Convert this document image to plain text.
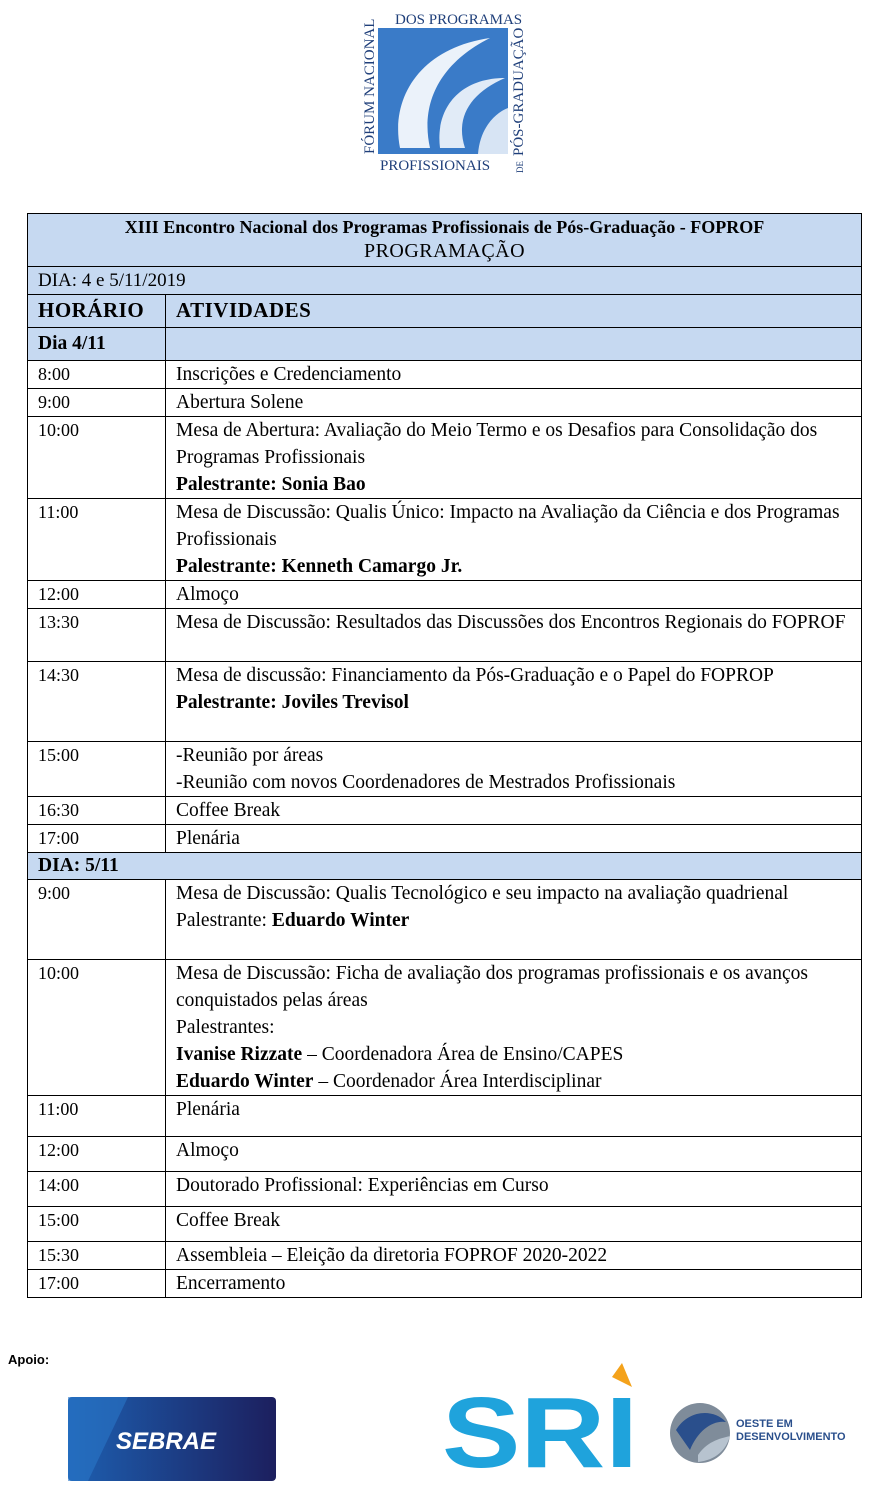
DOS PROGRAMAS
FÓRUM NACIONAL
DE
PÓS-GRADUAÇÃO
PROFISSIONAIS
XIII Encontro Nacional dos Programas Profissionais de Pós-Graduação - FOPROF
PROGRAMAÇÃO	

DIA: 4 e 5/11/2019	
HORÁRIO	ATIVIDADES
Dia 4/11	
8:00	Inscrições e Credenciamento

9:00	Abertura Solene

10:00	Mesa de Abertura: Avaliação do Meio Termo e os Desafios para Consolidação dos Programas Profissionais
Palestrante: Sonia Bao

11:00	Mesa de Discussão: Qualis Único: Impacto na Avaliação da Ciência e dos Programas Profissionais
Palestrante: Kenneth Camargo Jr.

12:00	Almoço

13:30	Mesa de Discussão: Resultados das Discussões dos Encontros Regionais do FOPROF

14:30	Mesa de discussão: Financiamento da Pós-Graduação e o Papel do FOPROP
Palestrante: Joviles Trevisol

15:00	-Reunião por áreas
-Reunião com novos Coordenadores de Mestrados Profissionais

16:30	Coffee Break

17:00	Plenária

DIA: 5/11	
9:00	Mesa de Discussão: Qualis Tecnológico e seu impacto na avaliação quadrienal
Palestrante: Eduardo Winter

10:00	Mesa de Discussão: Ficha de avaliação dos programas profissionais e os avanços conquistados pelas áreas
Palestrantes:
Ivanise Rizzate – Coordenadora Área de Ensino/CAPES
Eduardo Winter – Coordenador Área Interdisciplinar

11:00	Plenária

12:00	Almoço

14:00	Doutorado Profissional: Experiências em Curso

15:00	Coffee Break

15:30	Assembleia – Eleição da diretoria FOPROF 2020-2022

17:00	Encerramento
Apoio:
SEBRAE SRI	OESTE EM
DESENVOLVIMENTO
